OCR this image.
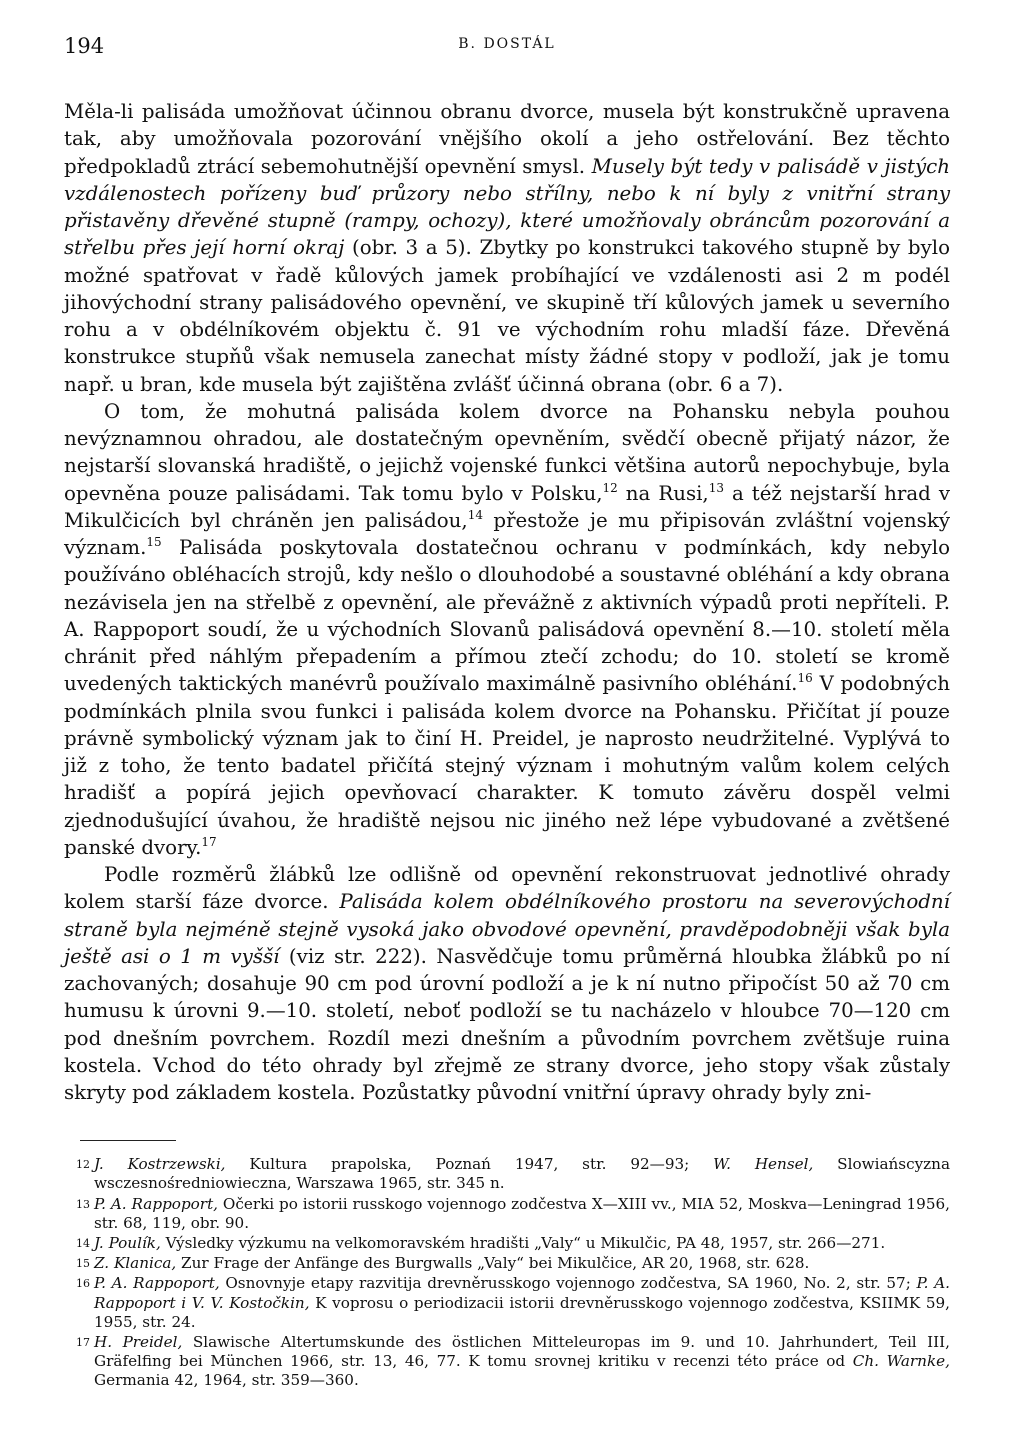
194	B. DOSTÁL

Měla-li palisáda umožňovat účinnou obranu dvorce, musela být konstrukčně upravena tak, aby umožňovala pozorování vnějšího okolí a jeho ostřelování. Bez těchto předpokladů ztrácí sebemohutnější opevnění smysl. Musely být tedy v palisádě v jistých vzdálenostech pořízeny buď průzory nebo střílny, nebo k ní byly z vnitřní strany přistavěny dřevěné stupně (rampy, ochozy), které umožňovaly obráncům pozorování a střelbu přes její horní okraj (obr. 3 a 5). Zbytky po konstrukci takového stupně by bylo možné spatřovat v řadě kůlových jamek probíhající ve vzdálenosti asi 2 m podél jihovýchodní strany palisádového opevnění, ve skupině tří kůlových jamek u severního rohu a v obdélníkovém objektu č. 91 ve východním rohu mladší fáze. Dřevěná konstrukce stupňů však nemusela zanechat místy žádné stopy v podloží, jak je tomu např. u bran, kde musela být zajištěna zvlášť účinná obrana (obr. 6 a 7).

O tom, že mohutná palisáda kolem dvorce na Pohansku nebyla pouhou nevýznamnou ohradou, ale dostatečným opevněním, svědčí obecně přijatý názor, že nejstarší slovanská hradiště, o jejichž vojenské funkci většina autorů nepochybuje, byla opevněna pouze palisádami. Tak tomu bylo v Polsku,$^{12}$ na Rusi,$^{13}$ a též nejstarší hrad v Mikulčicích byl chráněn jen palisádou,$^{14}$ přestože je mu připisován zvláštní vojenský význam.$^{15}$ Palisáda poskytovala dostatečnou ochranu v podmínkách, kdy nebylo používáno obléhacích strojů, kdy nešlo o dlouhodobé a soustavné obléhání a kdy obrana nezávisela jen na střelbě z opevnění, ale převážně z aktivních výpadů proti nepříteli. P. A. Rappoport soudí, že u východních Slovanů palisádová opevnění 8.—10. století měla chránit před náhlým přepadením a přímou ztečí zchodu; do 10. století se kromě uvedených taktických manévrů používalo maximálně pasivního obléhání.$^{16}$ V podobných podmínkách plnila svou funkci i palisáda kolem dvorce na Pohansku. Přičítat jí pouze právně symbolický význam jak to činí H. Preidel, je naprosto neudržitelné. Vyplývá to již z toho, že tento badatel přičítá stejný význam i mohutným valům kolem celých hradišť a popírá jejich opevňovací charakter. K tomuto závěru dospěl velmi zjednodušující úvahou, že hradiště nejsou nic jiného než lépe vybudované a zvětšené panské dvory.$^{17}$

Podle rozměrů žlábků lze odlišně od opevnění rekonstruovat jednotlivé ohrady kolem starší fáze dvorce. Palisáda kolem obdélníkového prostoru na severovýchodní straně byla nejméně stejně vysoká jako obvodové opevnění, pravděpodobněji však byla ještě asi o 1 m vyšší (viz str. 222). Nasvědčuje tomu průměrná hloubka žlábků po ní zachovaných; dosahuje 90 cm pod úrovní podloží a je k ní nutno připočíst 50 až 70 cm humusu k úrovni 9.—10. století, neboť podloží se tu nacházelo v hloubce 70—120 cm pod dnešním povrchem. Rozdíl mezi dnešním a původním povrchem zvětšuje ruina kostela. Vchod do této ohrady byl zřejmě ze strany dvorce, jeho stopy však zůstaly skryty pod základem kostela. Pozůstatky původní vnitřní úpravy ohrady byly zni-

12 J. Kostrzewski, Kultura prapolska, Poznań 1947, str. 92—93; W. Hensel, Slowiańscyzna wsczesnośredniowieczna, Warszawa 1965, str. 345 n.
13 P. A. Rappoport, Očerki po istorii russkogo vojennogo zodčestva X—XIII vv., MIA 52, Moskva—Leningrad 1956, str. 68, 119, obr. 90.
14 J. Poulík, Výsledky výzkumu na velkomoravském hradišti „Valy“ u Mikulčic, PA 48, 1957, str. 266—271.
15 Z. Klanica, Zur Frage der Anfänge des Burgwalls „Valy“ bei Mikulčice, AR 20, 1968, str. 628.
16 P. A. Rappoport, Osnovnyje etapy razvitija drevněrusskogo vojennogo zodčestva, SA 1960, No. 2, str. 57; P. A. Rappoport i V. V. Kostočkin, K voprosu o periodizacii istorii drevněrusskogo vojennogo zodčestva, KSIIMK 59, 1955, str. 24.
17 H. Preidel, Slawische Altertumskunde des östlichen Mitteleuropas im 9. und 10. Jahrhundert, Teil III, Gräfelfing bei München 1966, str. 13, 46, 77. K tomu srovnej kritiku v recenzi této práce od Ch. Warnke, Germania 42, 1964, str. 359—360.
